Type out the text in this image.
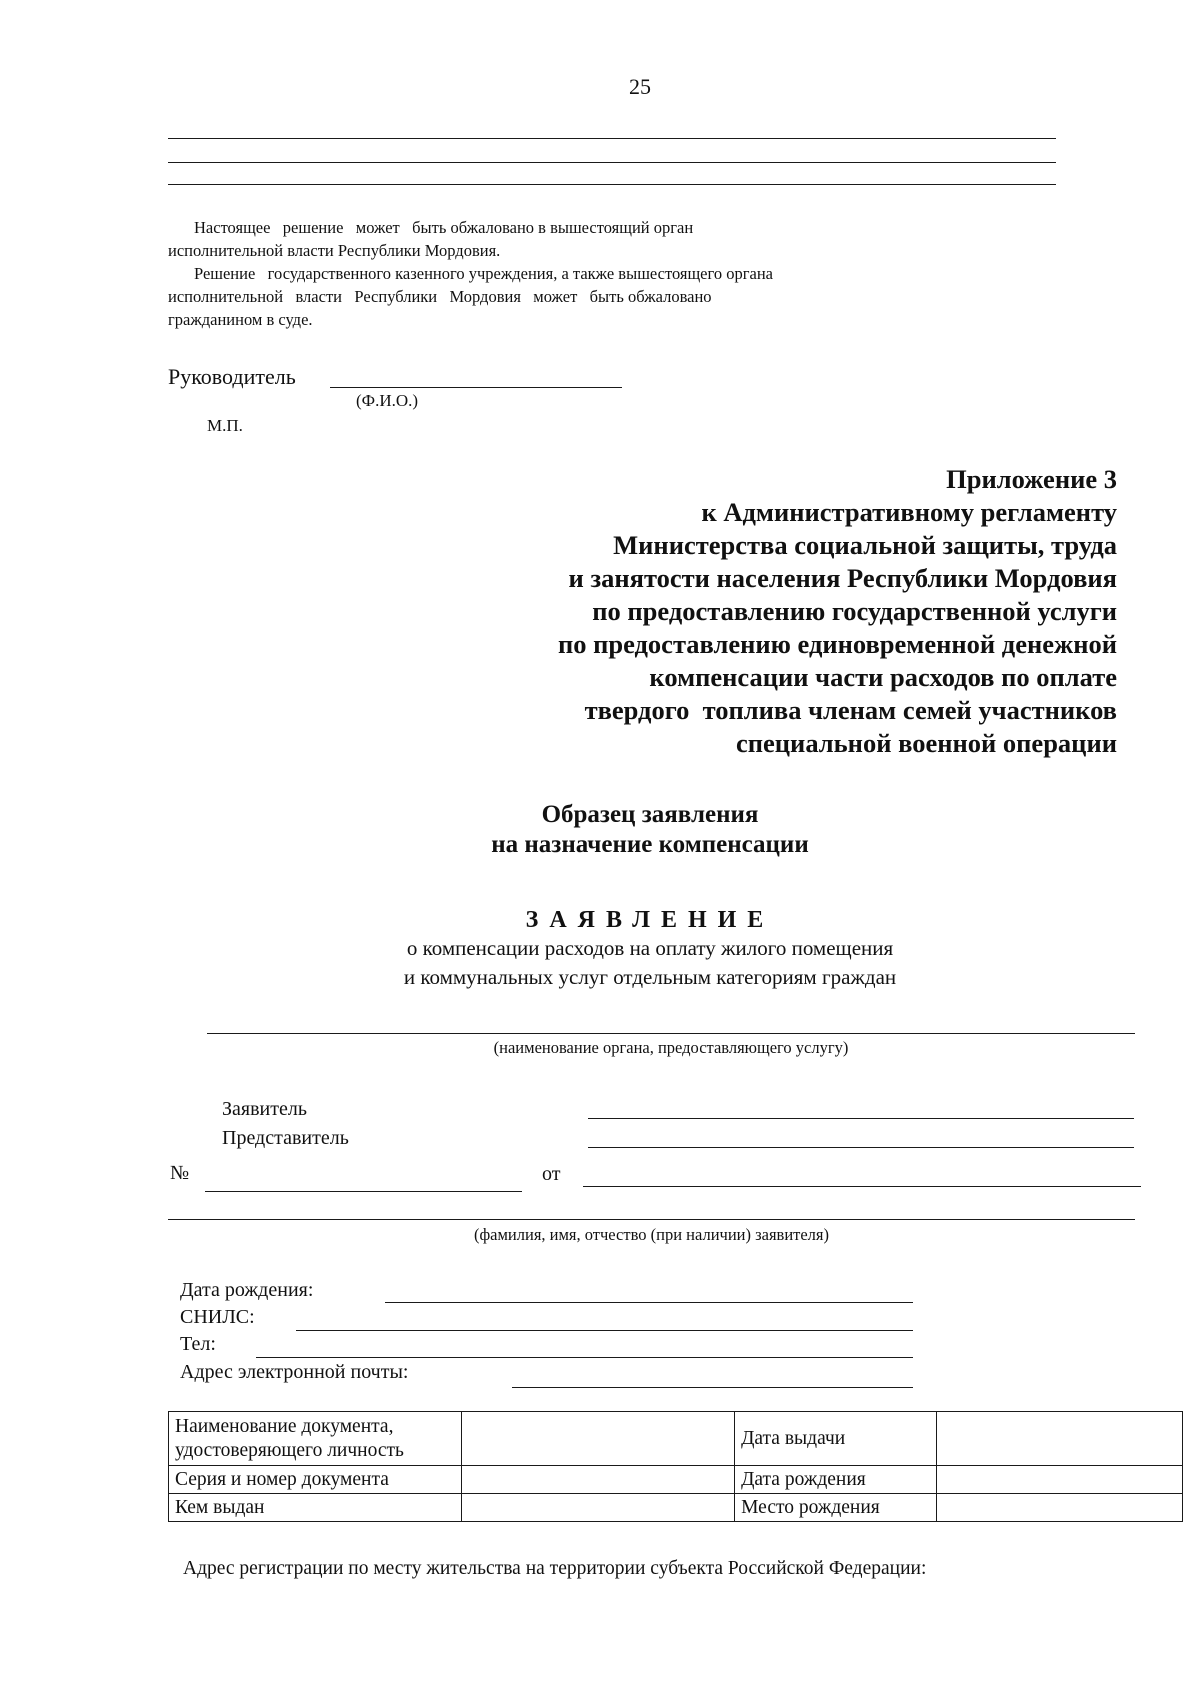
25
Настоящее   решение   может   быть обжаловано в вышестоящий орган
исполнительной власти Республики Мордовия.
Решение   государственного казенного учреждения, а также вышестоящего органа
исполнительной   власти   Республики   Мордовия   может   быть обжаловано
гражданином в суде.
Руководитель
(Ф.И.О.)
М.П.
Приложение 3
к Административному регламенту
Министерства социальной защиты, труда
и занятости населения Республики Мордовия
по предоставлению государственной услуги
по предоставлению единовременной денежной
компенсации части расходов по оплате
твердого  топлива членам семей участников
специальной военной операции
Образец заявления
на назначение компенсации
ЗАЯВЛЕНИЕ
о компенсации расходов на оплату жилого помещения
и коммунальных услуг отдельным категориям граждан
(наименование органа, предоставляющего услугу)
Заявитель
Представитель
№	от
(фамилия, имя, отчество (при наличии) заявителя)
Дата рождения:
СНИЛС:
Тел:
Адрес электронной почты:
Наименование документа,
удостоверяющего личность		Дата выдачи	
Серия и номер документа		Дата рождения	
Кем выдан		Место рождения	
Адрес регистрации по месту жительства на территории субъекта Российской Федерации:
